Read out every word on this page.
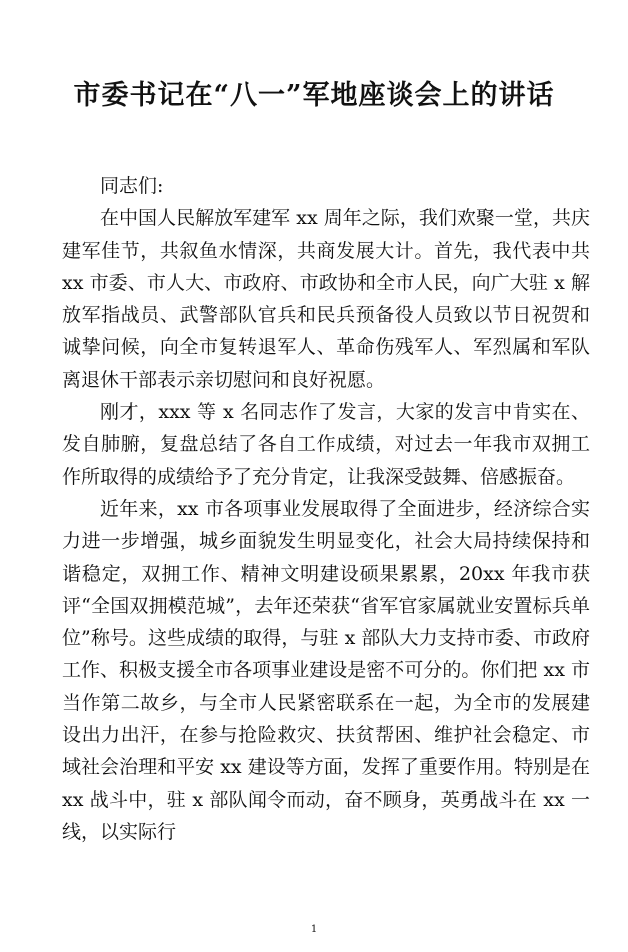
市委书记在“八一”军地座谈会上的讲话

同志们:

在中国人民解放军建军 xx 周年之际，我们欢聚一堂，共庆建军佳节，共叙鱼水情深，共商发展大计。首先，我代表中共 xx 市委、市人大、市政府、市政协和全市人民，向广大驻 x 解放军指战员、武警部队官兵和民兵预备役人员致以节日祝贺和诚挚问候，向全市复转退军人、革命伤残军人、军烈属和军队离退休干部表示亲切慰问和良好祝愿。

刚才，xxx 等 x 名同志作了发言，大家的发言中肯实在、发自肺腑，复盘总结了各自工作成绩，对过去一年我市双拥工作所取得的成绩给予了充分肯定，让我深受鼓舞、倍感振奋。

近年来，xx 市各项事业发展取得了全面进步，经济综合实力进一步增强，城乡面貌发生明显变化，社会大局持续保持和谐稳定，双拥工作、精神文明建设硕果累累，20xx 年我市获评“全国双拥模范城”，去年还荣获“省军官家属就业安置标兵单位”称号。这些成绩的取得，与驻 x 部队大力支持市委、市政府工作、积极支援全市各项事业建设是密不可分的。你们把 xx 市当作第二故乡，与全市人民紧密联系在一起，为全市的发展建设出力出汗，在参与抢险救灾、扶贫帮困、维护社会稳定、市域社会治理和平安 xx 建设等方面，发挥了重要作用。特别是在 xx 战斗中，驻 x 部队闻令而动，奋不顾身，英勇战斗在 xx 一线，以实际行

1
